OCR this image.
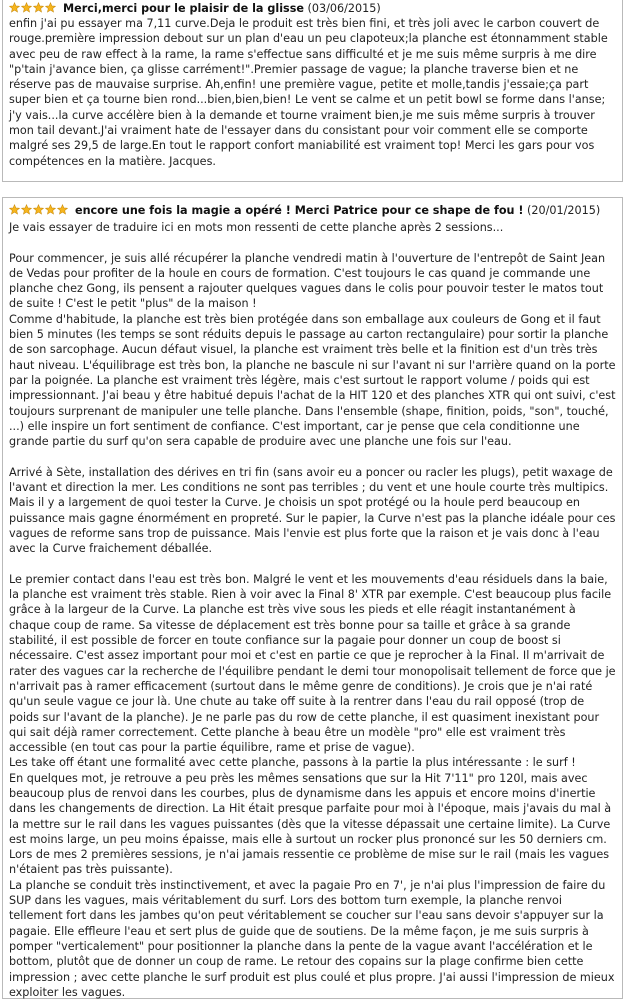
Merci,merci pour le plaisir de la glisse (03/06/2015)

enfin j'ai pu essayer ma 7,11 curve.Deja le produit est très bien fini, et très joli avec le carbon couvert de rouge.première impression debout sur un plan d'eau un peu clapoteux;la planche est étonnamment stable avec peu de raw effect à la rame, la rame s'effectue sans difficulté et je me suis même surpris à me dire "p'tain j'avance bien, ça glisse carrément!".Premier passage de vague; la planche traverse bien et ne réserve pas de mauvaise surprise. Ah,enfin! une première vague, petite et molle,tandis j'essaie;ça part super bien et ça tourne bien rond...bien,bien,bien! Le vent se calme et un petit bowl se forme dans l'anse; j'y vais...la curve accélère bien à la demande et tourne vraiment bien,je me suis même surpris à trouver mon tail devant.J'ai vraiment hate de l'essayer dans du consistant pour voir comment elle se comporte malgré ses 29,5 de large.En tout le rapport confort maniabilité est vraiment top! Merci les gars pour vos compétences en la matière. Jacques.

encore une fois la magie a opéré ! Merci Patrice pour ce shape de fou ! (20/01/2015)

Je vais essayer de traduire ici en mots mon ressenti de cette planche après 2 sessions...

Pour commencer, je suis allé récupérer la planche vendredi matin à l'ouverture de l'entrepôt de Saint Jean de Vedas pour profiter de la houle en cours de formation. C'est toujours le cas quand je commande une planche chez Gong, ils pensent a rajouter quelques vagues dans le colis pour pouvoir tester le matos tout de suite ! C'est le petit "plus" de la maison !

Comme d'habitude, la planche est très bien protégée dans son emballage aux couleurs de Gong et il faut bien 5 minutes (les temps se sont réduits depuis le passage au carton rectangulaire) pour sortir la planche de son sarcophage. Aucun défaut visuel, la planche est vraiment très belle et la finition est d'un très très haut niveau. L'équilibrage est très bon, la planche ne bascule ni sur l'avant ni sur l'arrière quand on la porte par la poignée. La planche est vraiment très légère, mais c'est surtout le rapport volume / poids qui est impressionnant. J'ai beau y être habitué depuis l'achat de la HIT 120 et des planches XTR qui ont suivi, c'est toujours surprenant de manipuler une telle planche. Dans l'ensemble (shape, finition, poids, "son", touché, ...) elle inspire un fort sentiment de confiance. C'est important, car je pense que cela conditionne une grande partie du surf qu'on sera capable de produire avec une planche une fois sur l'eau.

Arrivé à Sète, installation des dérives en tri fin (sans avoir eu a poncer ou racler les plugs), petit waxage de l'avant et direction la mer. Les conditions ne sont pas terribles ; du vent et une houle courte très multipics. Mais il y a largement de quoi tester la Curve. Je choisis un spot protégé ou la houle perd beaucoup en puissance mais gagne énormément en propreté. Sur le papier, la Curve n'est pas la planche idéale pour ces vagues de reforme sans trop de puissance. Mais l'envie est plus forte que la raison et je vais donc à l'eau avec la Curve fraichement déballée.

Le premier contact dans l'eau est très bon. Malgré le vent et les mouvements d'eau résiduels dans la baie, la planche est vraiment très stable. Rien à voir avec la Final 8' XTR par exemple. C'est beaucoup plus facile grâce à la largeur de la Curve. La planche est très vive sous les pieds et elle réagit instantanément à chaque coup de rame. Sa vitesse de déplacement est très bonne pour sa taille et grâce à sa grande stabilité, il est possible de forcer en toute confiance sur la pagaie pour donner un coup de boost si nécessaire. C'est assez important pour moi et c'est en partie ce que je reprocher à la Final. Il m'arrivait de rater des vagues car la recherche de l'équilibre pendant le demi tour monopolisait tellement de force que je n'arrivait pas à ramer efficacement (surtout dans le même genre de conditions). Je crois que je n'ai raté qu'un seule vague ce jour là. Une chute au take off suite à la rentrer dans l'eau du rail opposé (trop de poids sur l'avant de la planche). Je ne parle pas du row de cette planche, il est quasiment inexistant pour qui sait déjà ramer correctement. Cette planche à beau être un modèle "pro" elle est vraiment très accessible (en tout cas pour la partie équilibre, rame et prise de vague).

Les take off étant une formalité avec cette planche, passons à la partie la plus intéressante : le surf !

En quelques mot, je retrouve a peu près les mêmes sensations que sur la Hit 7'11" pro 120l, mais avec beaucoup plus de renvoi dans les courbes, plus de dynamisme dans les appuis et encore moins d'inertie dans les changements de direction. La Hit était presque parfaite pour moi à l'époque, mais j'avais du mal à la mettre sur le rail dans les vagues puissantes (dès que la vitesse dépassait une certaine limite). La Curve est moins large, un peu moins épaisse, mais elle à surtout un rocker plus prononcé sur les 50 derniers cm. Lors de mes 2 premières sessions, je n'ai jamais ressentie ce problème de mise sur le rail (mais les vagues n'étaient pas très puissante).

La planche se conduit très instinctivement, et avec la pagaie Pro en 7', je n'ai plus l'impression de faire du SUP dans les vagues, mais véritablement du surf. Lors des bottom turn exemple, la planche renvoi tellement fort dans les jambes qu'on peut véritablement se coucher sur l'eau sans devoir s'appuyer sur la pagaie. Elle effleure l'eau et sert plus de guide que de soutiens. De la même façon, je me suis surpris à pomper "verticalement" pour positionner la planche dans la pente de la vague avant l'accélération et le bottom, plutôt que de donner un coup de rame. Le retour des copains sur la plage confirme bien cette impression ; avec cette planche le surf produit est plus coulé et plus propre. J'ai aussi l'impression de mieux exploiter les vagues.
